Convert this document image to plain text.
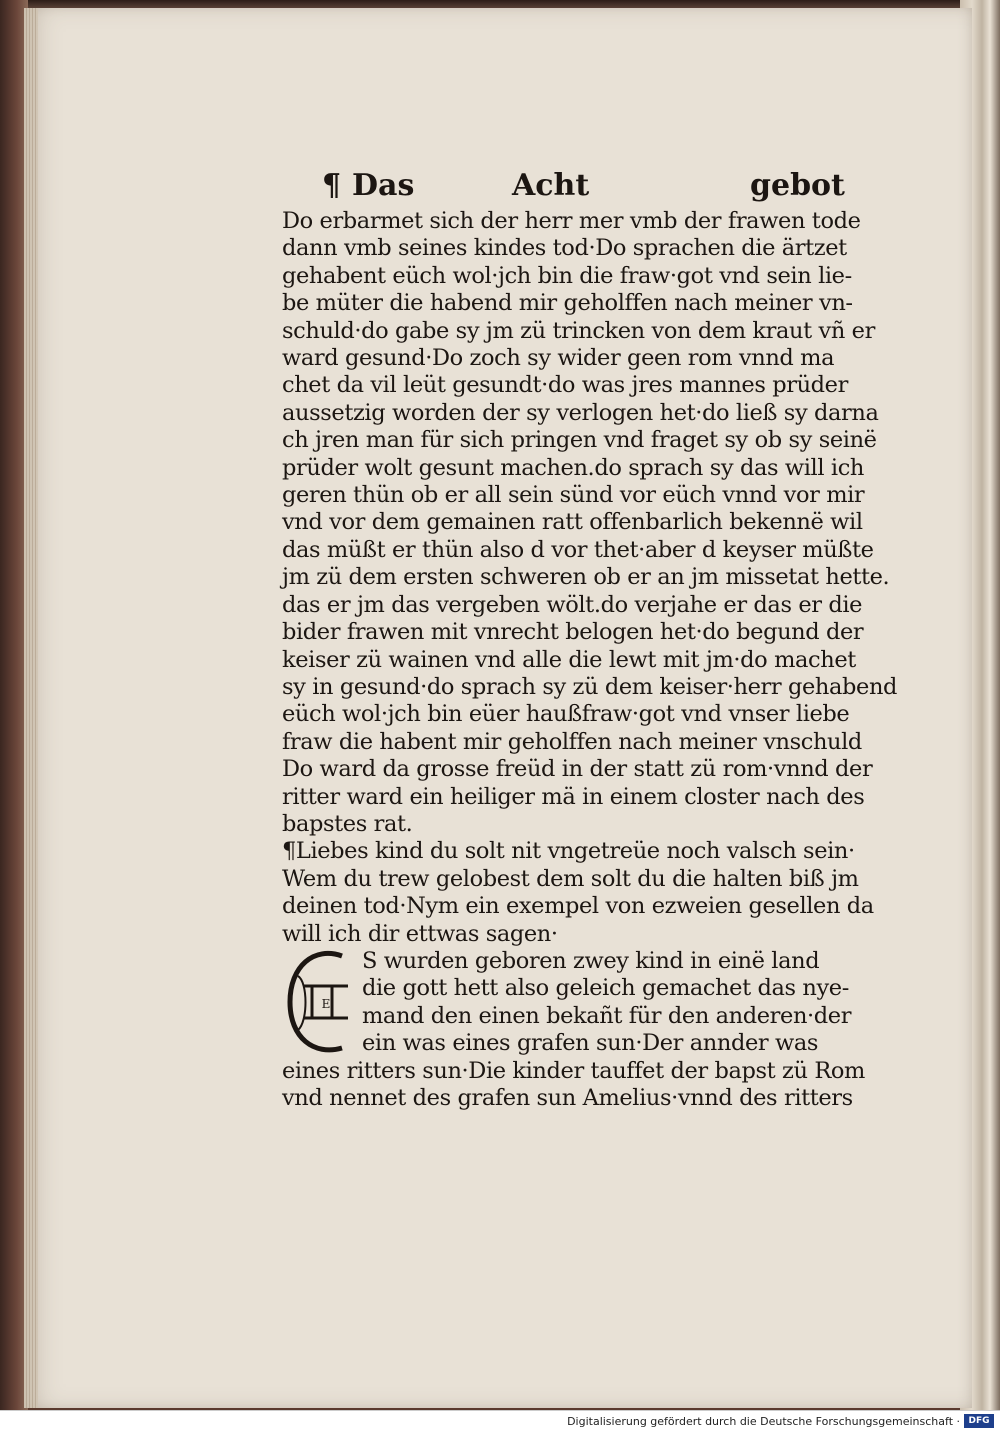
¶ Das	Acht	gebot
Do erbarmet sich der herr mer vmb der frawen tode
dann vmb seines kindes tod·Do sprachen die ärtzet
gehabent eüch wol·jch bin die fraw·got vnd sein lie-
be müter die habend mir geholffen nach meiner vn-
schuld·do gabe sy jm zü trincken von dem kraut vñ er
ward gesund·Do zoch sy wider geen rom vnnd ma
chet da vil leüt gesundt·do was jres mannes prüder
aussetzig worden der sy verlogen het·do ließ sy darna
ch jren man für sich pringen vnd fraget sy ob sy seinë
prüder wolt gesunt machen.do sprach sy das will ich
geren thün ob er all sein sünd vor eüch vnnd vor mir
vnd vor dem gemainen ratt offenbarlich bekennë wil
das müßt er thün also d vor thet·aber d keyser müßte
jm zü dem ersten schweren ob er an jm missetat hette.
das er jm das vergeben wölt.do verjahe er das er die
bider frawen mit vnrecht belogen het·do begund der
keiser zü wainen vnd alle die lewt mit jm·do machet
sy in gesund·do sprach sy zü dem keiser·herr gehabend
eüch wol·jch bin eüer haußfraw·got vnd vnser liebe
fraw die habent mir geholffen nach meiner vnschuld
Do ward da grosse freüd in der statt zü rom·vnnd der
ritter ward ein heiliger mä in einem closter nach des
bapstes rat.
¶Liebes kind du solt nit vngetreüe noch valsch sein·
Wem du trew gelobest dem solt du die halten biß jm
deinen tod·Nym ein exempel von ezweien gesellen da
will ich dir ettwas sagen·
E
S wurden geboren zwey kind in einë land
die gott hett also geleich gemachet das nye-
mand den einen bekañt für den anderen·der
ein was eines grafen sun·Der annder was
eines ritters sun·Die kinder tauffet der bapst zü Rom
vnd nennet des grafen sun Amelius·vnnd des ritters
Digitalisierung gefördert durch die Deutsche Forschungsgemeinschaft · DFG
